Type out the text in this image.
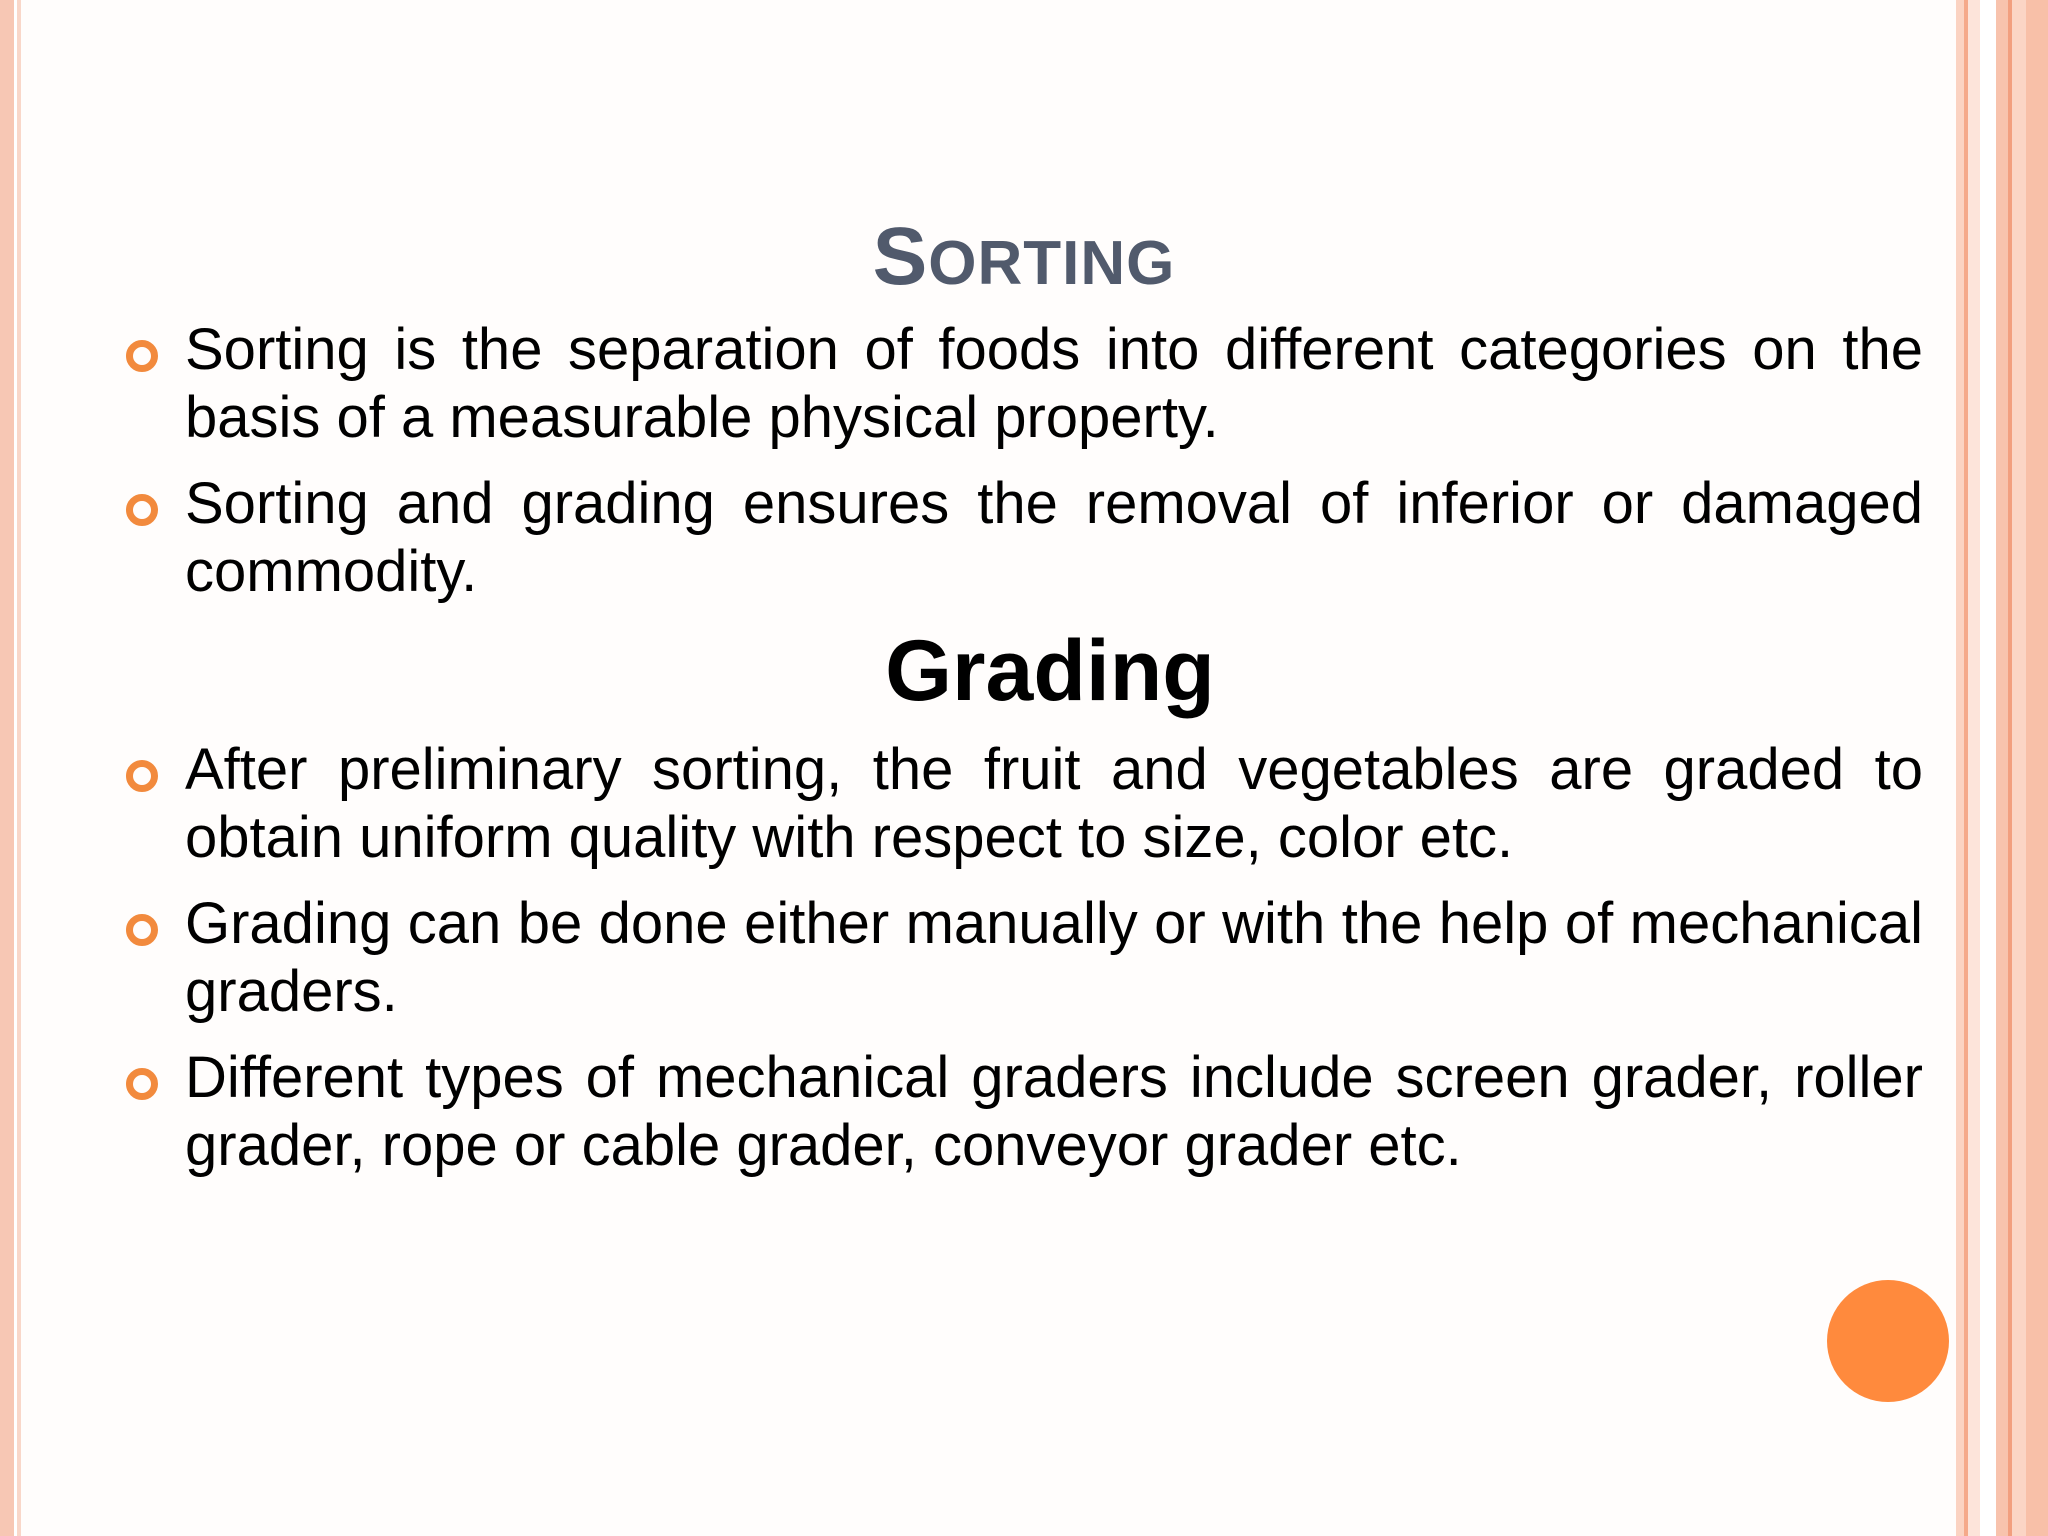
SORTING
Sorting is the separation of foods into different categories on the basis of a measurable physical property.
Sorting and grading ensures the removal of inferior or damaged commodity.
Grading
After preliminary sorting, the fruit and vegetables are graded to obtain uniform quality with respect to size, color etc.
Grading can be done either manually or with the help of mechanical graders.
Different types of mechanical graders include screen grader, roller grader, rope or cable grader, conveyor grader etc.
